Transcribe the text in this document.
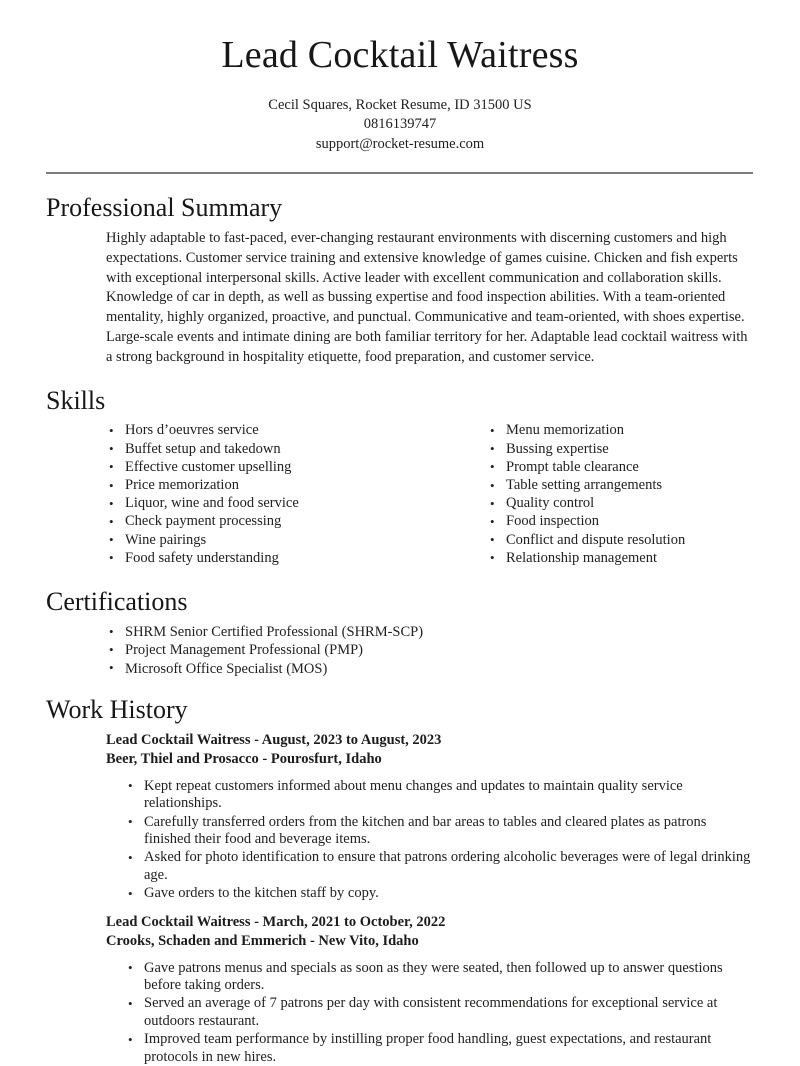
Lead Cocktail Waitress
Cecil Squares, Rocket Resume, ID 31500 US
0816139747
support@rocket-resume.com
Professional Summary

Highly adaptable to fast-paced, ever-changing restaurant environments with discerning customers and high expectations. Customer service training and extensive knowledge of games cuisine. Chicken and fish experts with exceptional interpersonal skills. Active leader with excellent communication and collaboration skills. Knowledge of car in depth, as well as bussing expertise and food inspection abilities. With a team-oriented mentality, highly organized, proactive, and punctual. Communicative and team-oriented, with shoes expertise. Large-scale events and intimate dining are both familiar territory for her. Adaptable lead cocktail waitress with a strong background in hospitality etiquette, food preparation, and customer service.

Skills
• Hors d’oeuvres service
• Buffet setup and takedown
• Effective customer upselling
• Price memorization
• Liquor, wine and food service
• Check payment processing
• Wine pairings
• Food safety understanding
• Menu memorization
• Bussing expertise
• Prompt table clearance
• Table setting arrangements
• Quality control
• Food inspection
• Conflict and dispute resolution
• Relationship management
Certifications
• SHRM Senior Certified Professional (SHRM-SCP)
• Project Management Professional (PMP)
• Microsoft Office Specialist (MOS)
Work History
Lead Cocktail Waitress - August, 2023 to August, 2023
Beer, Thiel and Prosacco - Pourosfurt, Idaho
• Kept repeat customers informed about menu changes and updates to maintain quality service relationships.
• Carefully transferred orders from the kitchen and bar areas to tables and cleared plates as patrons finished their food and beverage items.
• Asked for photo identification to ensure that patrons ordering alcoholic beverages were of legal drinking age.
• Gave orders to the kitchen staff by copy.
Lead Cocktail Waitress - March, 2021 to October, 2022
Crooks, Schaden and Emmerich - New Vito, Idaho
• Gave patrons menus and specials as soon as they were seated, then followed up to answer questions before taking orders.
• Served an average of 7 patrons per day with consistent recommendations for exceptional service at outdoors restaurant.
• Improved team performance by instilling proper food handling, guest expectations, and restaurant protocols in new hires.
